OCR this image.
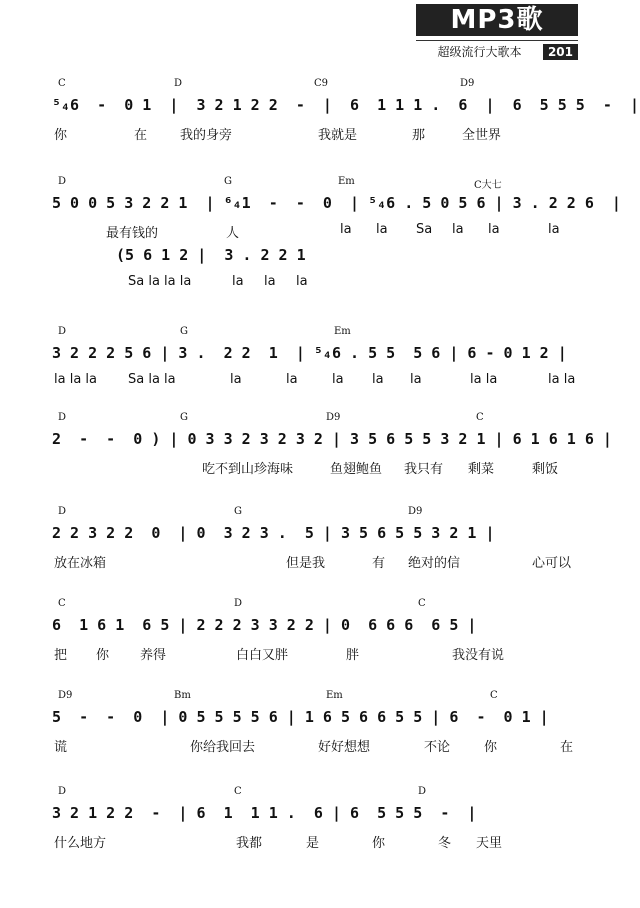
MP3歌
超级流行大歌本	201
C	D	C9	D9
⁵₄6  -  0 1  |  3 2 1 2 2  -  |  6  1 1 1 .  6  |  6  5 5 5  -  |
你	在	我的身旁	我就是	那	全世界
D	G	Em	C大七
5 0 0 5 3 2 2 1  | ⁶₄1  -  -  0  | ⁵₄6 . 5 0 5 6 | 3 . 2 2 6  |
最有钱的	人	la la Sa la la	la
(5 6 1 2 |  3 . 2 2 1
Sa la la la	la la la
D	G	Em
3 2 2 2 5 6 | 3 .  2 2  1  | ⁵₄6 . 5 5  5 6 | 6 - 0 1 2 |
la la la Sa la la	la	la	la la la	la la	la la
D	G	D9	C
2  -  -  0 ) | 0 3 3 2 3 2 3 2 | 3 5 6 5 5 3 2 1 | 6 1 6 1 6 |
吃不到山珍海味	鱼翅鲍鱼 我只有 剩菜	剩饭
D	G	D9
2 2 3 2 2  0  | 0  3 2 3 .  5 | 3 5 6 5 5 3 2 1 |
放在冰箱	但是我	有 绝对的信	心可以
C	D	C
6  1 6 1  6 5 | 2 2 2 3 3 2 2 | 0  6 6 6  6 5 |
把 你 养得	白白又胖	胖	我没有说
D9	Bm	Em	C
5  -  -  0  | 0 5 5 5 5 6 | 1 6 5 6 6 5 5 | 6  -  0 1 |
谎	你给我回去	好好想想	不论	你	在
D	C	D
3 2 1 2 2  -  | 6  1  1 1 .  6 | 6  5 5 5  -  |
什么地方	我都	是	你	冬 天里
